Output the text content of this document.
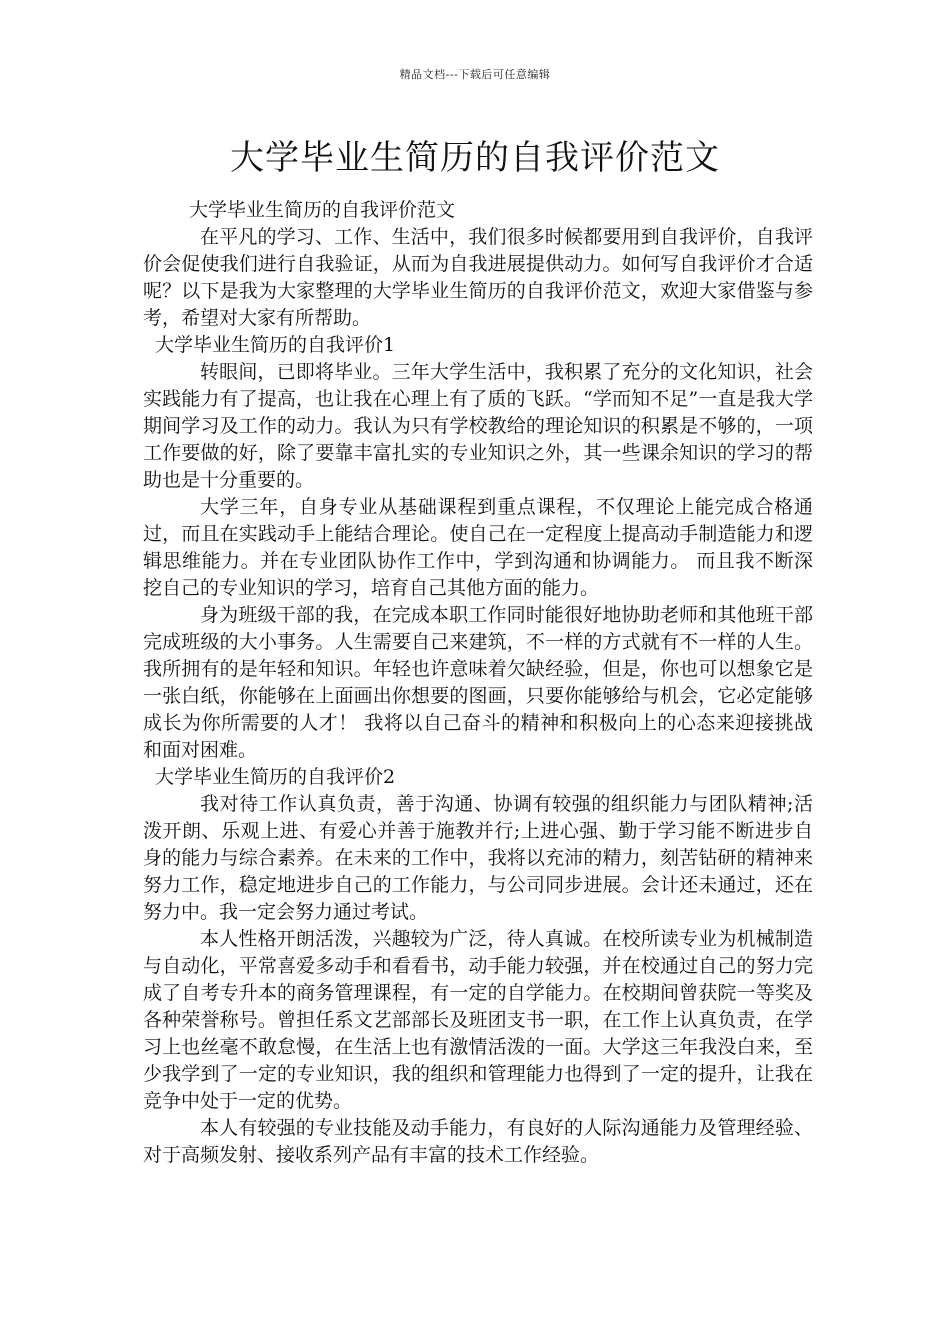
精品文档---下载后可任意编辑
大学毕业生简历的自我评价范文

大学毕业生简历的自我评价范文

在平凡的学习、工作、生活中，我们很多时候都要用到自我评价，自我评价会促使我们进行自我验证，从而为自我进展提供动力。如何写自我评价才合适呢？以下是我为大家整理的大学毕业生简历的自我评价范文，欢迎大家借鉴与参考，希望对大家有所帮助。

大学毕业生简历的自我评价1

转眼间，已即将毕业。三年大学生活中，我积累了充分的文化知识，社会实践能力有了提高，也让我在心理上有了质的飞跃。“学而知不足”一直是我大学期间学习及工作的动力。我认为只有学校教给的理论知识的积累是不够的，一项工作要做的好，除了要靠丰富扎实的专业知识之外，其一些课余知识的学习的帮助也是十分重要的。

大学三年，自身专业从基础课程到重点课程，不仅理论上能完成合格通过，而且在实践动手上能结合理论。使自己在一定程度上提高动手制造能力和逻辑思维能力。并在专业团队协作工作中，学到沟通和协调能力。 而且我不断深挖自己的专业知识的学习，培育自己其他方面的能力。

身为班级干部的我，在完成本职工作同时能很好地协助老师和其他班干部完成班级的大小事务。人生需要自己来建筑，不一样的方式就有不一样的人生。我所拥有的是年轻和知识。年轻也许意味着欠缺经验，但是，你也可以想象它是一张白纸，你能够在上面画出你想要的图画，只要你能够给与机会，它必定能够成长为你所需要的人才！ 我将以自己奋斗的精神和积极向上的心态来迎接挑战和面对困难。

大学毕业生简历的自我评价2

我对待工作认真负责，善于沟通、协调有较强的组织能力与团队精神;活泼开朗、乐观上进、有爱心并善于施教并行;上进心强、勤于学习能不断进步自身的能力与综合素养。在未来的工作中，我将以充沛的精力，刻苦钻研的精神来努力工作，稳定地进步自己的工作能力，与公司同步进展。会计还未通过，还在努力中。我一定会努力通过考试。

本人性格开朗活泼，兴趣较为广泛，待人真诚。在校所读专业为机械制造与自动化，平常喜爱多动手和看看书，动手能力较强，并在校通过自己的努力完成了自考专升本的商务管理课程，有一定的自学能力。在校期间曾获院一等奖及各种荣誉称号。曾担任系文艺部部长及班团支书一职，在工作上认真负责，在学习上也丝毫不敢怠慢，在生活上也有激情活泼的一面。大学这三年我没白来，至少我学到了一定的专业知识，我的组织和管理能力也得到了一定的提升，让我在竞争中处于一定的优势。

本人有较强的专业技能及动手能力，有良好的人际沟通能力及管理经验、对于高频发射、接收系列产品有丰富的技术工作经验。
